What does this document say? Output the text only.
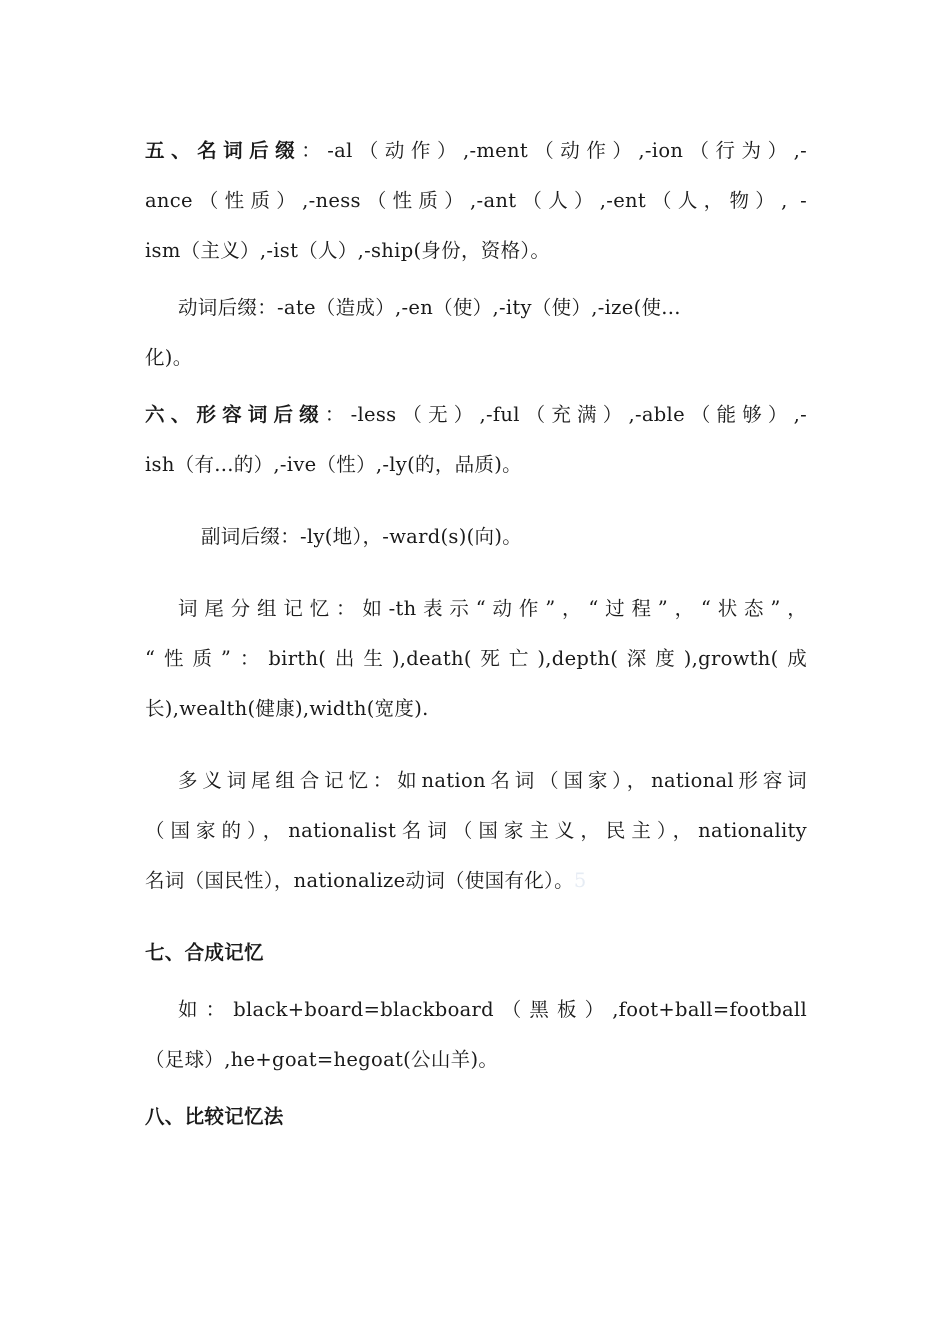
五、名词后缀：-al（动作）,-ment（动作）,-ion（行为）,-
ance（性质）,-ness（性质）,-ant（人）,-ent（人，物）, -
ism（主义）,-ist（人）,-ship(身份，资格）。
动词后缀：-ate（造成）,-en（使）,-ity（使）,-ize(使...
化)。
六、形容词后缀：-less（无）,-ful（充满）,-able（能够）,-
ish（有...的）,-ive（性）,-ly(的，品质)。
副词后缀：-ly(地），-ward(s)(向)。
词尾分组记忆：如-th表示“动作”，“过程”，“状态”，
“性质”：birth(出生),death(死亡),depth(深度),growth(成
长),wealth(健康),width(宽度).
多义词尾组合记忆：如nation名词（国家），national形容词
（国家的），nationalist名词（国家主义，民主），nationality
名词（国民性），nationalize动词（使国有化）。5
七、合成记忆
如：black+board=blackboard（黑板）,foot+ball=football
（足球）,he+goat=hegoat(公山羊)。
八、比较记忆法
